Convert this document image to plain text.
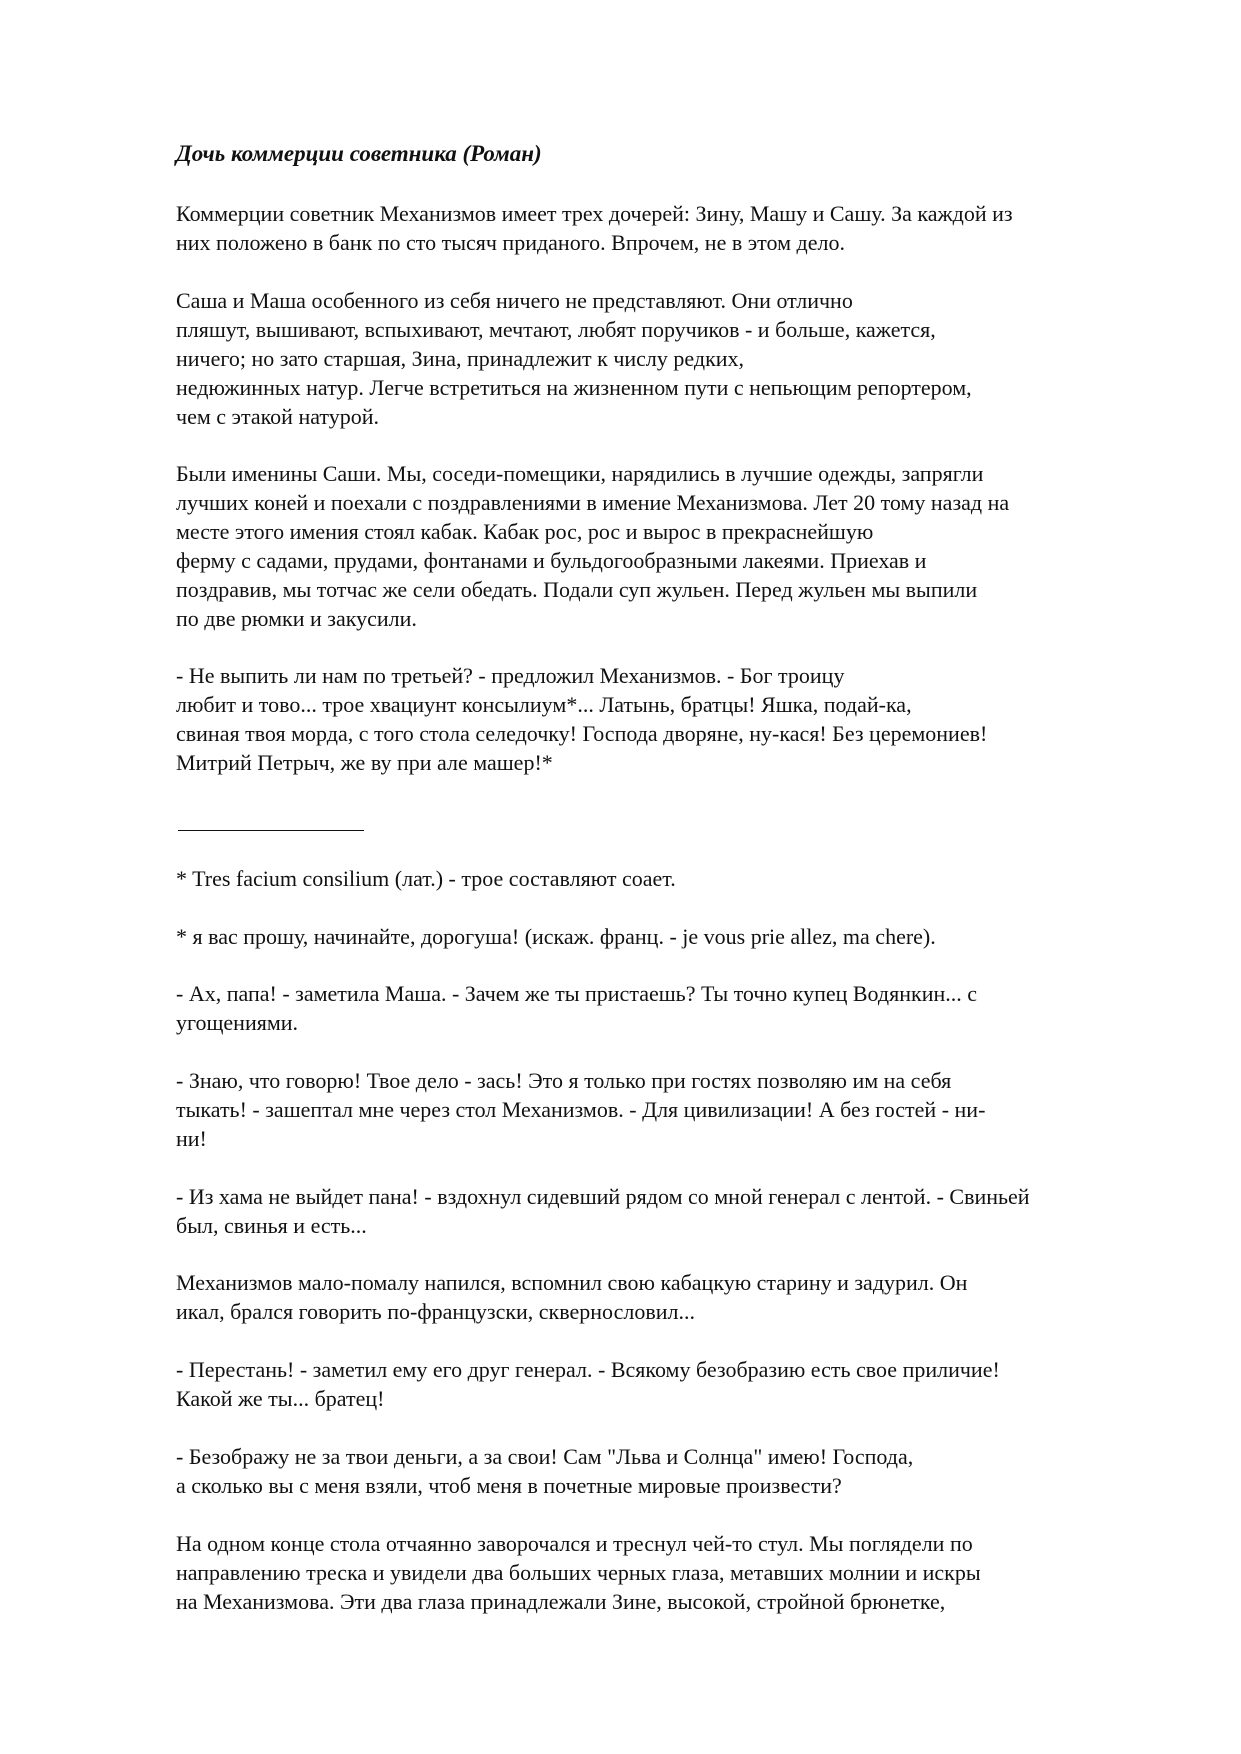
Дочь коммерции советника (Роман)
Коммерции советник Механизмов имеет трех дочерей: Зину, Машу и Сашу. За каждой из
них положено в банк по сто тысяч приданого. Впрочем, не в этом дело.
Саша и Маша особенного из себя ничего не представляют. Они отлично
пляшут, вышивают, вспыхивают, мечтают, любят поручиков - и больше, кажется,
ничего; но зато старшая, Зина, принадлежит к числу редких,
недюжинных натур. Легче встретиться на жизненном пути с непьющим репортером,
чем с этакой натурой.
Были именины Саши. Мы, соседи-помещики, нарядились в лучшие одежды, запрягли
лучших коней и поехали с поздравлениями в имение Механизмова. Лет 20 тому назад на
месте этого имения стоял кабак. Кабак рос, рос и вырос в прекраснейшую
ферму с садами, прудами, фонтанами и бульдогообразными лакеями. Приехав и
поздравив, мы тотчас же сели обедать. Подали суп жульен. Перед жульен мы выпили
по две рюмки и закусили.
- Не выпить ли нам по третьей? - предложил Механизмов. - Бог троицу
любит и тово... трое хвациунт консылиум*... Латынь, братцы! Яшка, подай-ка,
свиная твоя морда, с того стола селедочку! Господа дворяне, ну-кася! Без церемониев!
Митрий Петрыч, же ву при але машер!*
* Tres facium consilium (лат.) - трое составляют соает.
* я вас прошу, начинайте, дорогуша! (искаж. франц. - je vous prie allez, ma chere).
- Ах, папа! - заметила Маша. - Зачем же ты пристаешь? Ты точно купец Водянкин... с
угощениями.
- Знаю, что говорю! Твое дело - зась! Это я только при гостях позволяю им на себя
тыкать! - зашептал мне через стол Механизмов. - Для цивилизации! А без гостей - ни-
ни!
- Из хама не выйдет пана! - вздохнул сидевший рядом со мной генерал с лентой. - Свиньей
был, свинья и есть...
Механизмов мало-помалу напился, вспомнил свою кабацкую старину и задурил. Он
икал, брался говорить по-французски, сквернословил...
- Перестань! - заметил ему его друг генерал. - Всякому безобразию есть свое приличие!
Какой же ты... братец!
- Безображу не за твои деньги, а за свои! Сам "Льва и Солнца" имею! Господа,
а сколько вы с меня взяли, чтоб меня в почетные мировые произвести?
На одном конце стола отчаянно заворочался и треснул чей-то стул. Мы поглядели по
направлению треска и увидели два больших черных глаза, метавших молнии и искры
на Механизмова. Эти два глаза принадлежали Зине, высокой, стройной брюнетке,
